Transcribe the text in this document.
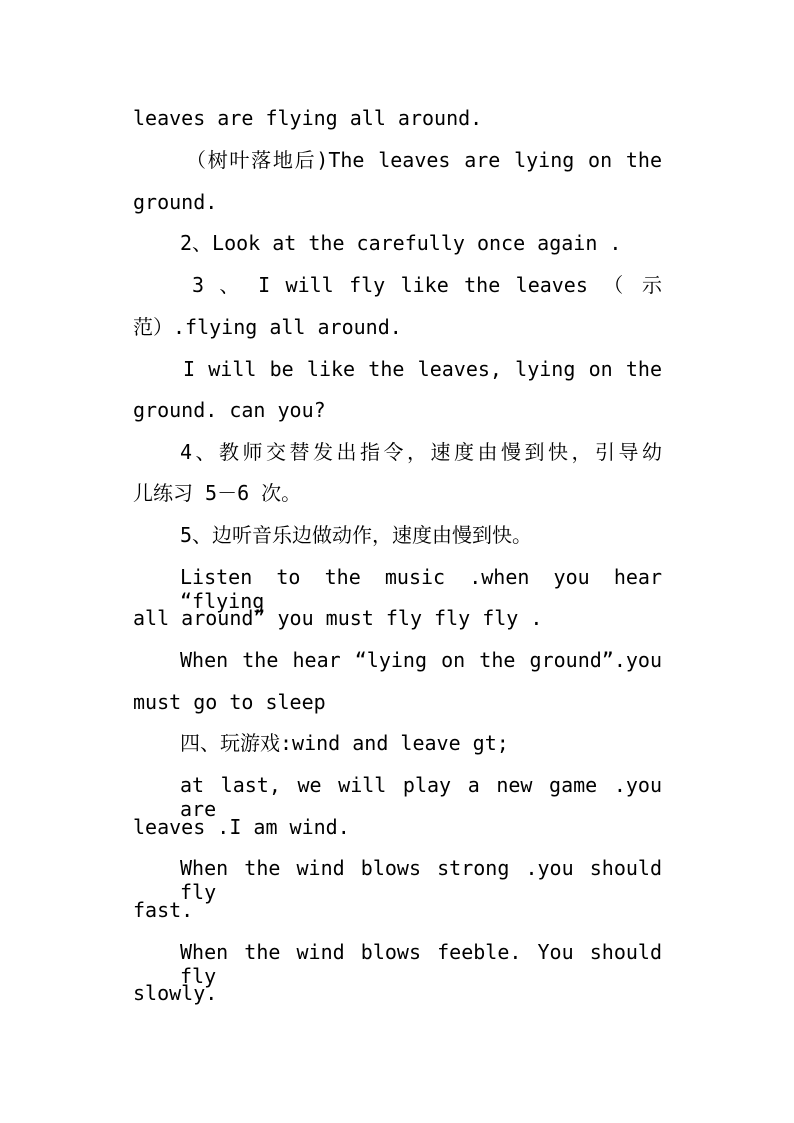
leaves are flying all around.
（树叶落地后)The leaves are lying on the
ground.
2、Look at the carefully once again .
3 、 I will fly like the leaves （ 示
范）.flying all around.
I will be like the leaves, lying on the
ground. can you?
4、教师交替发出指令，速度由慢到快，引导幼
儿练习 5－6 次。
5、边听音乐边做动作，速度由慢到快。
Listen to the music .when you hear “flying
all around” you must fly fly fly .
When the hear “lying on the ground”.you
must go to sleep
四、玩游戏:wind and leave gt;
at last, we will play a new game .you are
leaves .I am wind.
When the wind blows strong .you should fly
fast.
When the wind blows feeble. You should fly
slowly.
